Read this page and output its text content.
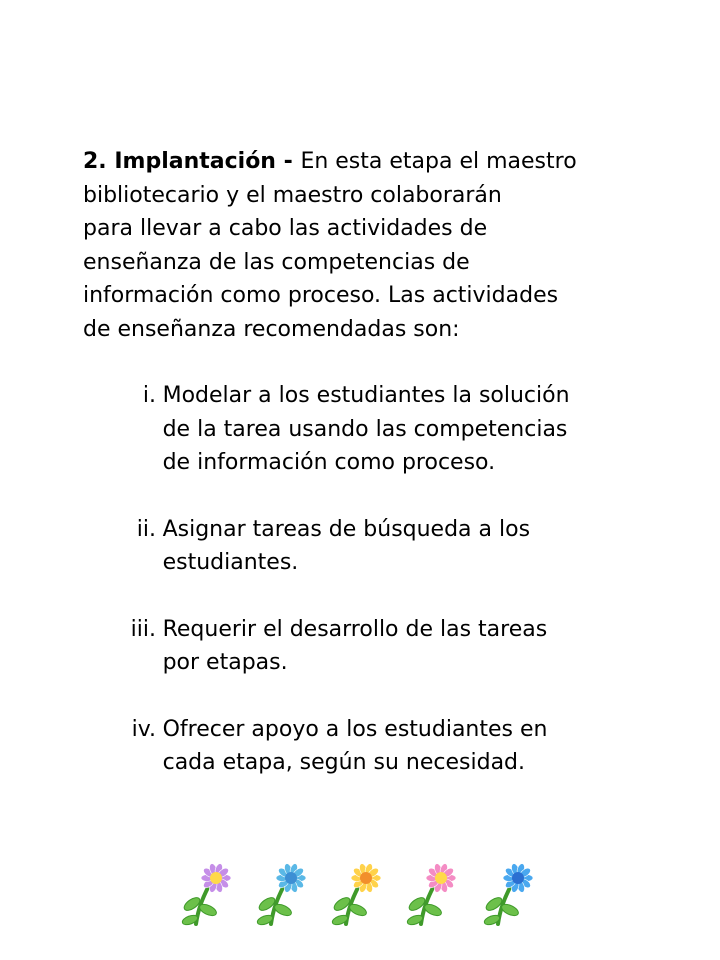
2. Implantación - En esta etapa el maestro
bibliotecario y el maestro colaborarán
para llevar a cabo las actividades de
enseñanza de las competencias de
información como proceso. Las actividades
de enseñanza recomendadas son:

i. Modelar a los estudiantes la solución
de la tarea usando las competencias
de información como proceso.
ii. Asignar tareas de búsqueda a los
estudiantes.
iii. Requerir el desarrollo de las tareas
por etapas.
iv. Ofrecer apoyo a los estudiantes en
cada etapa, según su necesidad.
